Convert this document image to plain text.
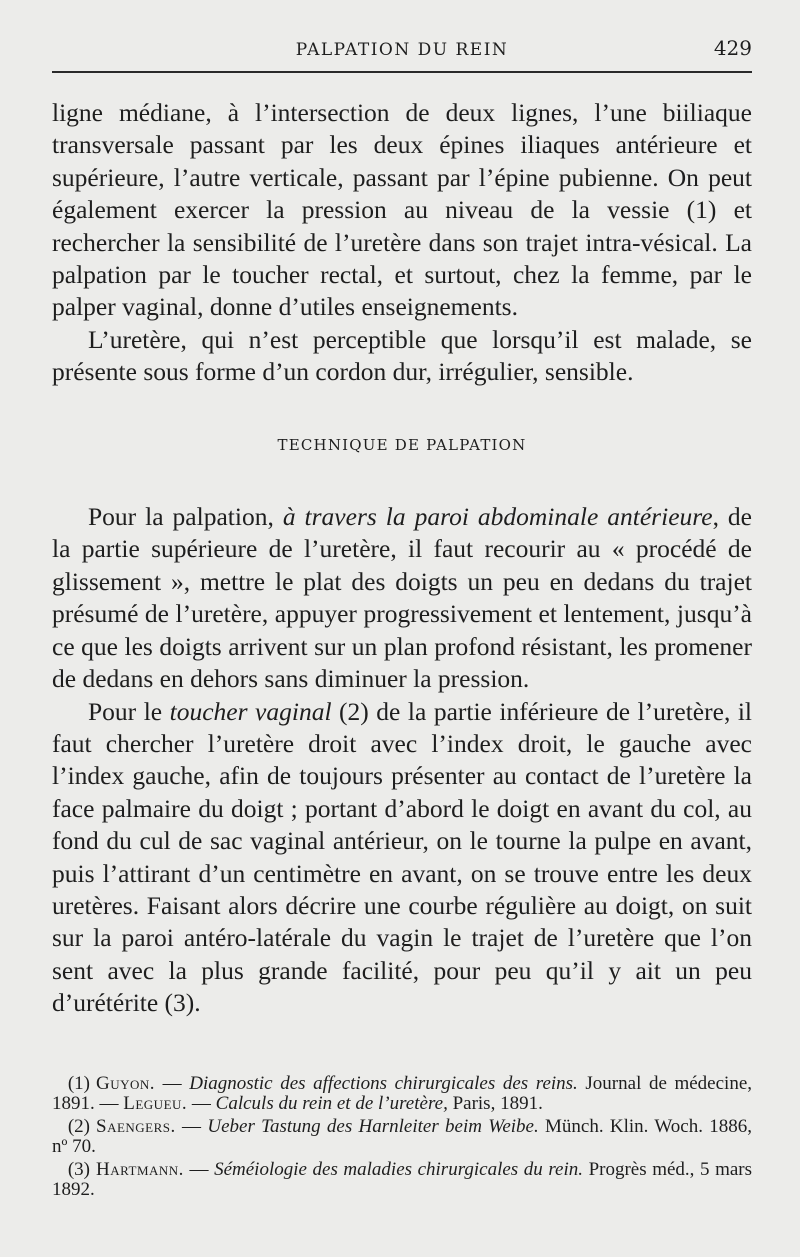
PALPATION DU REIN	429

ligne médiane, à l’intersection de deux lignes, l’une biiliaque transversale passant par les deux épines iliaques antérieure et supérieure, l’autre verticale, passant par l’épine pubienne. On peut également exercer la pression au niveau de la vessie (1) et rechercher la sensibilité de l’uretère dans son trajet intra-vésical. La palpation par le toucher rectal, et surtout, chez la femme, par le palper vaginal, donne d’utiles enseignements.

L’uretère, qui n’est perceptible que lorsqu’il est malade, se présente sous forme d’un cordon dur, irrégulier, sensible.

TECHNIQUE DE PALPATION

Pour la palpation, à travers la paroi abdominale antérieure, de la partie supérieure de l’uretère, il faut recourir au « procédé de glissement », mettre le plat des doigts un peu en dedans du trajet présumé de l’uretère, appuyer progressivement et lentement, jusqu’à ce que les doigts arrivent sur un plan profond résistant, les promener de dedans en dehors sans diminuer la pression.

Pour le toucher vaginal (2) de la partie inférieure de l’uretère, il faut chercher l’uretère droit avec l’index droit, le gauche avec l’index gauche, afin de toujours présenter au contact de l’uretère la face palmaire du doigt ; portant d’abord le doigt en avant du col, au fond du cul de sac vaginal antérieur, on le tourne la pulpe en avant, puis l’attirant d’un centimètre en avant, on se trouve entre les deux uretères. Faisant alors décrire une courbe régulière au doigt, on suit sur la paroi antéro-latérale du vagin le trajet de l’uretère que l’on sent avec la plus grande facilité, pour peu qu’il y ait un peu d’urétérite (3).

(1) Guyon. — Diagnostic des affections chirurgicales des reins. Journal de médecine, 1891. — Legueu. — Calculs du rein et de l’uretère, Paris, 1891.

(2) Saengers. — Ueber Tastung des Harnleiter beim Weibe. Münch. Klin. Woch. 1886, nº 70.

(3) Hartmann. — Séméiologie des maladies chirurgicales du rein. Progrès méd., 5 mars 1892.
